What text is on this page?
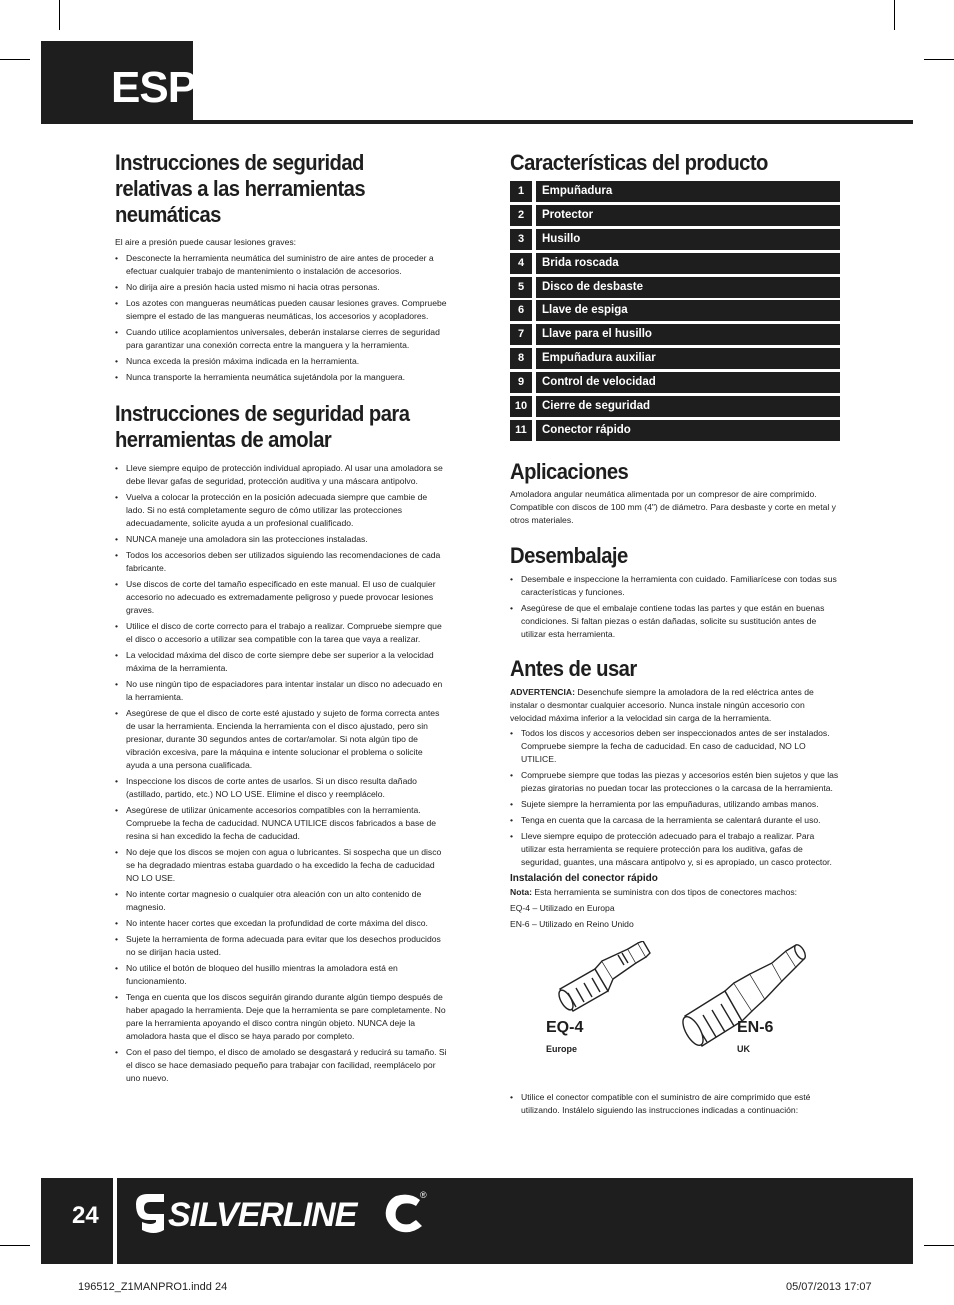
ESP
Instrucciones de seguridad relativas a las herramientas neumáticas

El aire a presión puede causar lesiones graves:

• Desconecte la herramienta neumática del suministro de aire antes de proceder a efectuar cualquier trabajo de mantenimiento o instalación de accesorios.
• No dirija aire a presión hacia usted mismo ni hacia otras personas.
• Los azotes con mangueras neumáticas pueden causar lesiones graves. Compruebe siempre el estado de las mangueras neumáticas, los accesorios y acopladores.
• Cuando utilice acoplamientos universales, deberán instalarse cierres de seguridad para garantizar una conexión correcta entre la manguera y la herramienta.
• Nunca exceda la presión máxima indicada en la herramienta.
• Nunca transporte la herramienta neumática sujetándola por la manguera.
Instrucciones de seguridad para herramientas de amolar
• Lleve siempre equipo de protección individual apropiado. Al usar una amoladora se debe llevar gafas de seguridad, protección auditiva y una máscara antipolvo.
• Vuelva a colocar la protección en la posición adecuada siempre que cambie de lado. Si no está completamente seguro de cómo utilizar las protecciones adecuadamente, solicite ayuda a un profesional cualificado.
• NUNCA maneje una amoladora sin las protecciones instaladas.
• Todos los accesorios deben ser utilizados siguiendo las recomendaciones de cada fabricante.
• Use discos de corte del tamaño especificado en este manual. El uso de cualquier accesorio no adecuado es extremadamente peligroso y puede provocar lesiones graves.
• Utilice el disco de corte correcto para el trabajo a realizar. Compruebe siempre que el disco o accesorio a utilizar sea compatible con la tarea que vaya a realizar.
• La velocidad máxima del disco de corte siempre debe ser superior a la velocidad máxima de la herramienta.
• No use ningún tipo de espaciadores para intentar instalar un disco no adecuado en la herramienta.
• Asegúrese de que el disco de corte esté ajustado y sujeto de forma correcta antes de usar la herramienta. Encienda la herramienta con el disco ajustado, pero sin presionar, durante 30 segundos antes de cortar/amolar. Si nota algún tipo de vibración excesiva, pare la máquina e intente solucionar el problema o solicite ayuda a una persona cualificada.
• Inspeccione los discos de corte antes de usarlos. Si un disco resulta dañado (astillado, partido, etc.) NO LO USE. Elimine el disco y reemplácelo.
• Asegúrese de utilizar únicamente accesorios compatibles con la herramienta. Compruebe la fecha de caducidad. NUNCA UTILICE discos fabricados a base de resina si han excedido la fecha de caducidad.
• No deje que los discos se mojen con agua o lubricantes. Si sospecha que un disco se ha degradado mientras estaba guardado o ha excedido la fecha de caducidad NO LO USE.
• No intente cortar magnesio o cualquier otra aleación con un alto contenido de magnesio.
• No intente hacer cortes que excedan la profundidad de corte máxima del disco.
• Sujete la herramienta de forma adecuada para evitar que los desechos producidos no se dirijan hacia usted.
• No utilice el botón de bloqueo del husillo mientras la amoladora está en funcionamiento.
• Tenga en cuenta que los discos seguirán girando durante algún tiempo después de haber apagado la herramienta. Deje que la herramienta se pare completamente. No pare la herramienta apoyando el disco contra ningún objeto. NUNCA deje la amoladora hasta que el disco se haya parado por completo.
• Con el paso del tiempo, el disco de amolado se desgastará y reducirá su tamaño. Si el disco se hace demasiado pequeño para trabajar con facilidad, reemplácelo por uno nuevo.
Características del producto
1	Empuñadura
2	Protector
3	Husillo
4	Brida roscada
5	Disco de desbaste
6	Llave de espiga
7	Llave para el husillo
8	Empuñadura auxiliar
9	Control de velocidad
10	Cierre de seguridad
11	Conector rápido
Aplicaciones

Amoladora angular neumática alimentada por un compresor de aire comprimido. Compatible con discos de 100 mm (4") de diámetro. Para desbaste y corte en metal y otros materiales.

Desembalaje
• Desembale e inspeccione la herramienta con cuidado. Familiarícese con todas sus características y funciones.
• Asegúrese de que el embalaje contiene todas las partes y que están en buenas condiciones. Si faltan piezas o están dañadas, solicite su sustitución antes de utilizar esta herramienta.
Antes de usar

ADVERTENCIA: Desenchufe siempre la amoladora de la red eléctrica antes de instalar o desmontar cualquier accesorio. Nunca instale ningún accesorio con velocidad máxima inferior a la velocidad sin carga de la herramienta.

• Todos los discos y accesorios deben ser inspeccionados antes de ser instalados. Compruebe siempre la fecha de caducidad. En caso de caducidad, NO LO UTILICE.
• Compruebe siempre que todas las piezas y accesorios estén bien sujetos y que las piezas giratorias no puedan tocar las protecciones o la carcasa de la herramienta.
• Sujete siempre la herramienta por las empuñaduras, utilizando ambas manos.
• Tenga en cuenta que la carcasa de la herramienta se calentará durante el uso.
• Lleve siempre equipo de protección adecuado para el trabajo a realizar. Para utilizar esta herramienta se requiere protección para los auditiva, gafas de seguridad, guantes, una máscara antipolvo y, si es apropiado, un casco protector.

Instalación del conector rápido

Nota: Esta herramienta se suministra con dos tipos de conectores machos:

EQ-4 – Utilizado en Europa

EN-6 – Utilizado en Reino Unido

EQ-4
Europe
EN-6
UK
• Utilice el conector compatible con el suministro de aire comprimido que esté utilizando. Instálelo siguiendo las instrucciones indicadas a continuación:
24	SILVERLINE
®
196512_Z1MANPRO1.indd 24	05/07/2013 17:07
